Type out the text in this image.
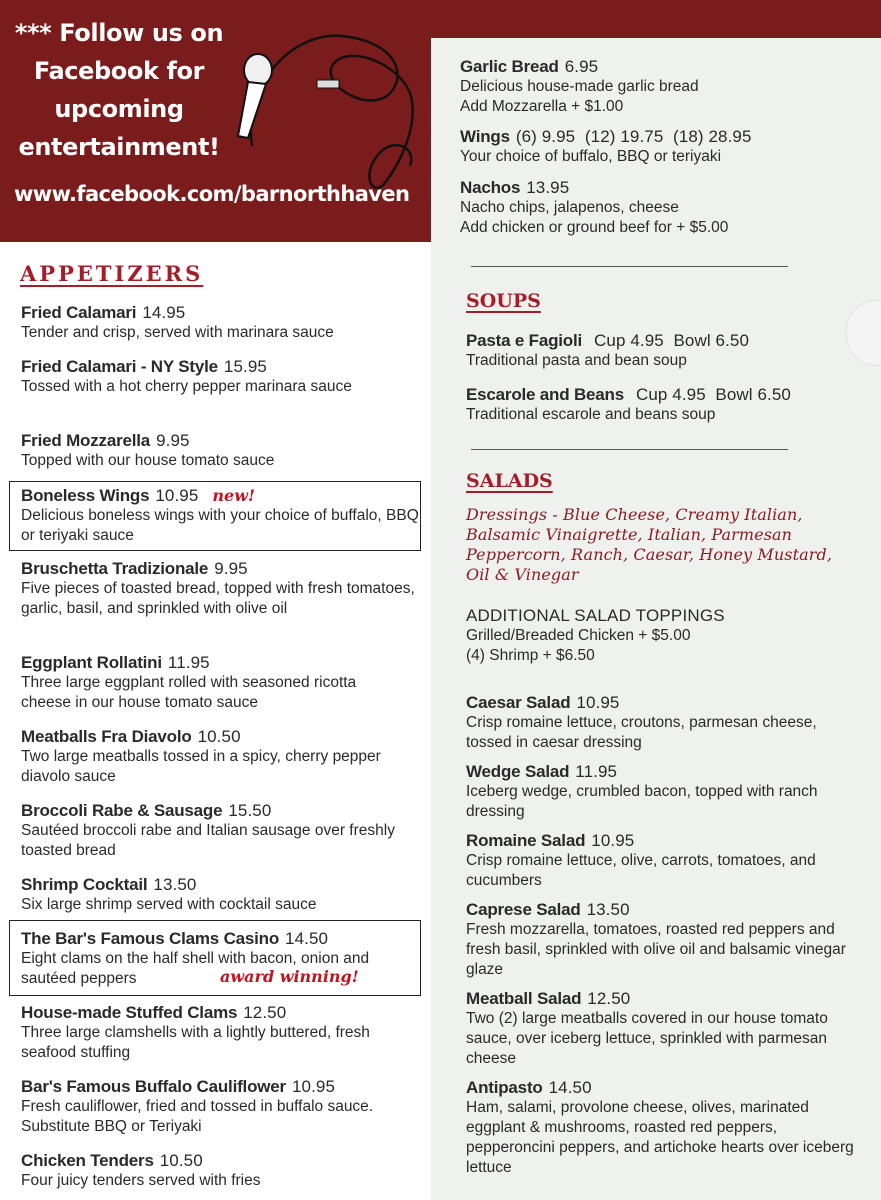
*** Follow us on Facebook for upcoming entertainment!
www.facebook.com/barnorthhaven
APPETIZERS
Fried Calamari 14.95
Tender and crisp, served with marinara sauce
Fried Calamari - NY Style 15.95
Tossed with a hot cherry pepper marinara sauce
Fried Mozzarella 9.95
Topped with our house tomato sauce
Boneless Wings 10.95 new!
Delicious boneless wings with your choice of buffalo, BBQ or teriyaki sauce
Bruschetta Tradizionale 9.95
Five pieces of toasted bread, topped with fresh tomatoes, garlic, basil, and sprinkled with olive oil
Eggplant Rollatini 11.95
Three large eggplant rolled with seasoned ricotta cheese in our house tomato sauce
Meatballs Fra Diavolo 10.50
Two large meatballs tossed in a spicy, cherry pepper diavolo sauce
Broccoli Rabe & Sausage 15.50
Sautéed broccoli rabe and Italian sausage over freshly toasted bread
Shrimp Cocktail 13.50
Six large shrimp served with cocktail sauce
The Bar's Famous Clams Casino 14.50
Eight clams on the half shell with bacon, onion and sautéed peppers	award winning!
House-made Stuffed Clams 12.50
Three large clamshells with a lightly buttered, fresh seafood stuffing
Bar's Famous Buffalo Cauliflower 10.95
Fresh cauliflower, fried and tossed in buffalo sauce. Substitute BBQ or Teriyaki
Chicken Tenders 10.50
Four juicy tenders served with fries
Garlic Bread 6.95
Delicious house-made garlic bread
Add Mozzarella + $1.00
Wings (6) 9.95  (12) 19.75  (18) 28.95
Your choice of buffalo, BBQ or teriyaki
Nachos 13.95
Nacho chips, jalapenos, cheese
Add chicken or ground beef for + $5.00
SOUPS
Pasta e Fagioli Cup 4.95  Bowl 6.50
Traditional pasta and bean soup
Escarole and Beans Cup 4.95  Bowl 6.50
Traditional escarole and beans soup
SALADS
Dressings - Blue Cheese, Creamy Italian, Balsamic Vinaigrette, Italian, Parmesan Peppercorn, Ranch, Caesar, Honey Mustard, Oil & Vinegar
ADDITIONAL SALAD TOPPINGS
Grilled/Breaded Chicken + $5.00
(4) Shrimp + $6.50
Caesar Salad 10.95
Crisp romaine lettuce, croutons, parmesan cheese, tossed in caesar dressing
Wedge Salad 11.95
Iceberg wedge, crumbled bacon, topped with ranch dressing
Romaine Salad 10.95
Crisp romaine lettuce, olive, carrots, tomatoes, and cucumbers
Caprese Salad 13.50
Fresh mozzarella, tomatoes, roasted red peppers and fresh basil, sprinkled with olive oil and balsamic vinegar glaze
Meatball Salad 12.50
Two (2) large meatballs covered in our house tomato sauce, over iceberg lettuce, sprinkled with parmesan cheese
Antipasto 14.50
Ham, salami, provolone cheese, olives, marinated eggplant & mushrooms, roasted red peppers, pepperoncini peppers, and artichoke hearts over iceberg lettuce
